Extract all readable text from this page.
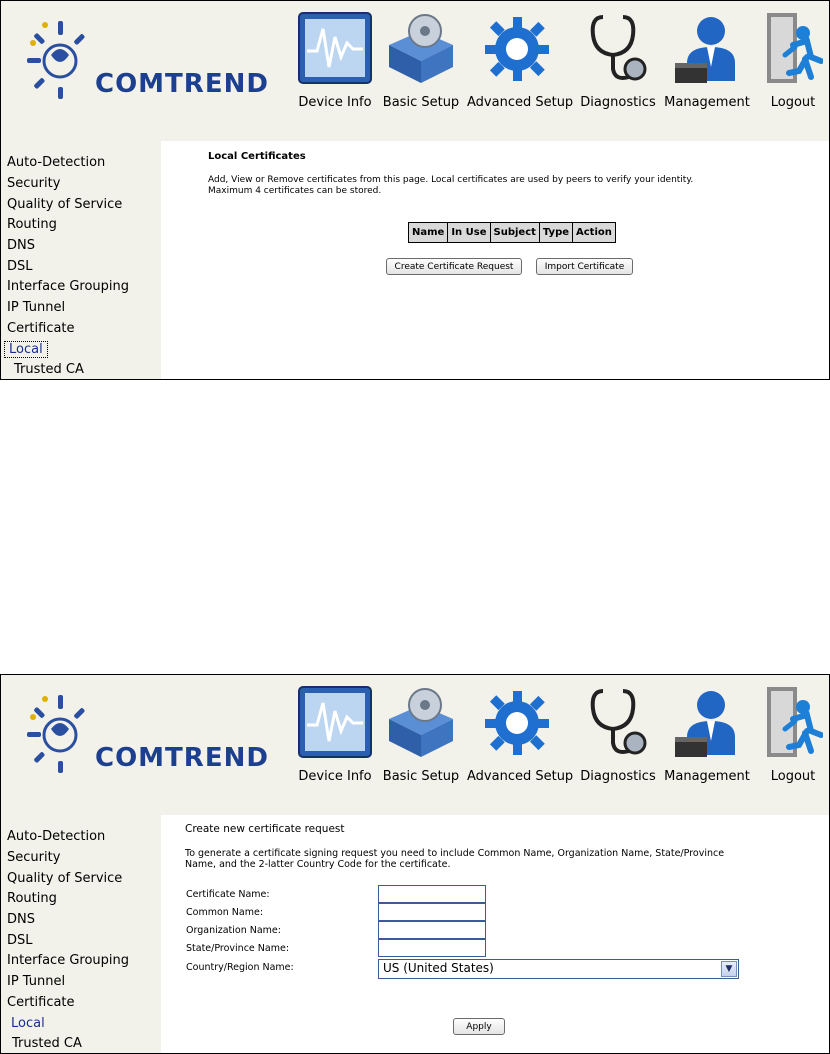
COMTREND
Device Info Basic Setup Advanced Setup Diagnostics Management	Logout
Auto-Detection
Security
Quality of Service
Routing
DNS
DSL
Interface Grouping
IP Tunnel
Certificate
Local
Trusted CA
Local Certificates
Add, View or Remove certificates from this page. Local certificates are used by peers to verify your identity.
Maximum 4 certificates can be stored.
Name	In Use	Subject	Type	Action
Create Certificate Request	Import Certificate
COMTREND
Device Info Basic Setup Advanced Setup Diagnostics Management	Logout
Auto-Detection
Security
Quality of Service
Routing
DNS
DSL
Interface Grouping
IP Tunnel
Certificate
Local
Trusted CA
Create new certificate request
To generate a certificate signing request you need to include Common Name, Organization Name, State/Province
Name, and the 2-latter Country Code for the certificate.
Certificate Name:
Common Name:
Organization Name:
State/Province Name:
Country/Region Name:	US (United States)	▼
Apply
